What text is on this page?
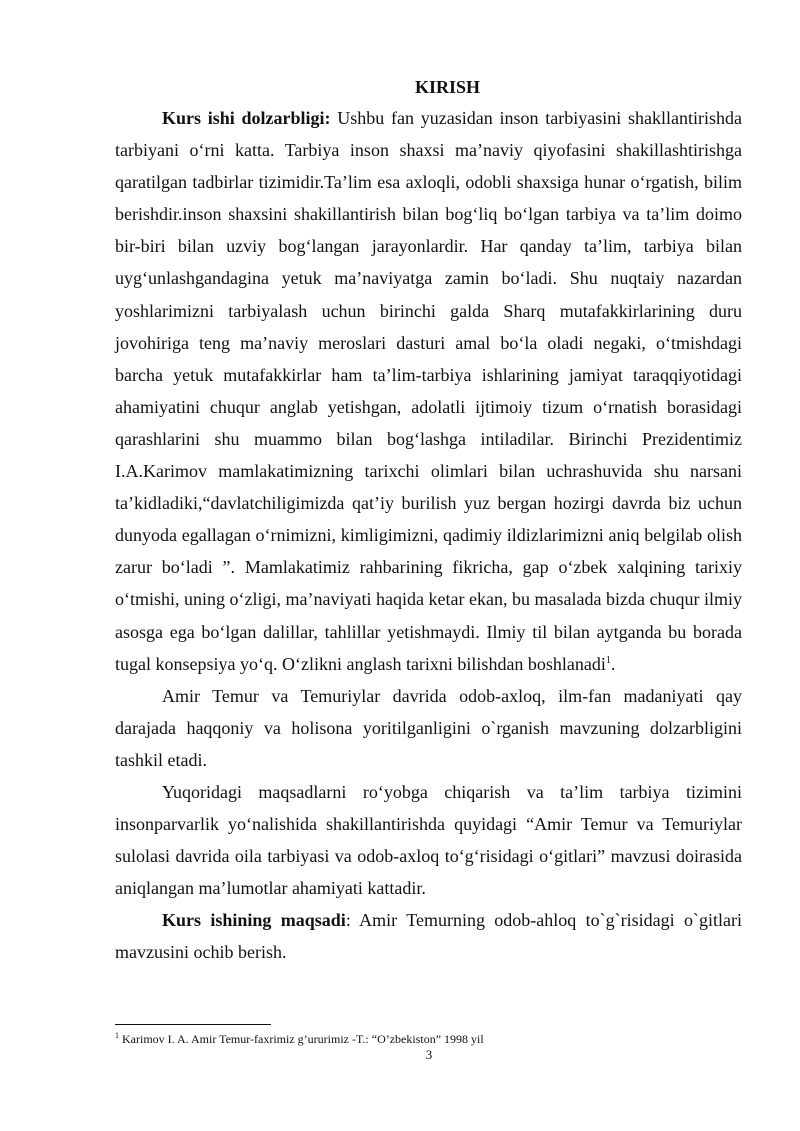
KIRISH

Kurs ishi dolzarbligi: Ushbu fan yuzasidan inson tarbiyasini shakllantirishda tarbiyani o‘rni katta. Tarbiya inson shaxsi ma’naviy qiyofasini shakillashtirishga qaratilgan tadbirlar tizimidir.Ta’lim esa axloqli, odobli shaxsiga hunar o‘rgatish, bilim berishdir.inson shaxsini shakillantirish bilan bog‘liq bo‘lgan tarbiya va ta’lim doimo bir-biri bilan uzviy bog‘langan jarayonlardir. Har qanday ta’lim, tarbiya bilan uyg‘unlashgandagina yetuk ma’naviyatga zamin bo‘ladi. Shu nuqtaiy nazardan yoshlarimizni tarbiyalash uchun birinchi galda Sharq mutafakkirlarining duru jovohiriga teng ma’naviy meroslari dasturi amal bo‘la oladi negaki, o‘tmishdagi barcha yetuk mutafakkirlar ham ta’lim-tarbiya ishlarining jamiyat taraqqiyotidagi ahamiyatini chuqur anglab yetishgan, adolatli ijtimoiy tizum o‘rnatish borasidagi qarashlarini shu muammo bilan bog‘lashga intiladilar. Birinchi Prezidentimiz I.A.Karimov mamlakatimizning tarixchi olimlari bilan uchrashuvida shu narsani ta’kidladiki,“davlatchiligimizda qat’iy burilish yuz bergan hozirgi davrda biz uchun dunyoda egallagan o‘rnimizni, kimligimizni, qadimiy ildizlarimizni aniq belgilab olish zarur bo‘ladi ”. Mamlakatimiz rahbarining fikricha, gap o‘zbek xalqining tarixiy o‘tmishi, uning o‘zligi, ma’naviyati haqida ketar ekan, bu masalada bizda chuqur ilmiy asosga ega bo‘lgan dalillar, tahlillar yetishmaydi. Ilmiy til bilan aytganda bu borada tugal konsepsiya yo‘q. O‘zlikni anglash tarixni bilishdan boshlanadi$^1$.

Amir Temur va Temuriylar davrida odob-axloq, ilm-fan madaniyati qay darajada haqqoniy va holisona yoritilganligini o`rganish mavzuning dolzarbligini tashkil etadi.

Yuqoridagi maqsadlarni ro‘yobga chiqarish va ta’lim tarbiya tizimini insonparvarlik yo‘nalishida shakillantirishda quyidagi “Amir Temur va Temuriylar sulolasi davrida oila tarbiyasi va odob-axloq to‘g‘risidagi o‘gitlari” mavzusi doirasida aniqlangan ma’lumotlar ahamiyati kattadir.

Kurs ishining maqsadi: Amir Temurning odob-ahloq to`g`risidagi o`gitlari mavzusini ochib berish.

$^1$ Karimov I. A. Amir Temur-faxrimiz g’ururimiz -T.: “O’zbekiston” 1998 yil
3
